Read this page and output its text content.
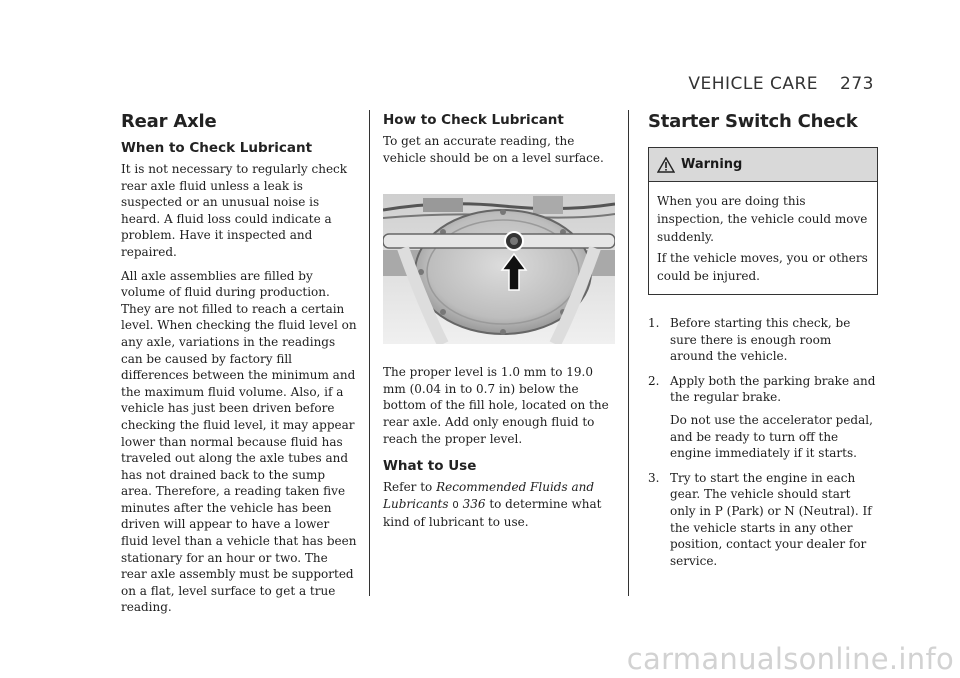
VEHICLE CARE 273
Rear Axle
When to Check Lubricant

It is not necessary to regularly check rear axle fluid unless a leak is suspected or an unusual noise is heard. A fluid loss could indicate a problem. Have it inspected and repaired.

All axle assemblies are filled by volume of fluid during production. They are not filled to reach a certain level. When checking the fluid level on any axle, variations in the readings can be caused by factory fill differences between the minimum and the maximum fluid volume. Also, if a vehicle has just been driven before checking the fluid level, it may appear lower than normal because fluid has traveled out along the axle tubes and has not drained back to the sump area. Therefore, a reading taken five minutes after the vehicle has been driven will appear to have a lower fluid level than a vehicle that has been stationary for an hour or two. The rear axle assembly must be supported on a flat, level surface to get a true reading.

How to Check Lubricant

To get an accurate reading, the vehicle should be on a level surface.

The proper level is 1.0 mm to 19.0 mm (0.04 in to 0.7 in) below the bottom of the fill hole, located on the rear axle. Add only enough fluid to reach the proper level.

What to Use

Refer to Recommended Fluids and Lubricants 0 336 to determine what kind of lubricant to use.

Starter Switch Check
Warning

When you are doing this inspection, the vehicle could move suddenly.

If the vehicle moves, you or others could be injured.

1. Before starting this check, be sure there is enough room around the vehicle.

2. Apply both the parking brake and the regular brake.

Do not use the accelerator pedal, and be ready to turn off the engine immediately if it starts.

3. Try to start the engine in each gear. The vehicle should start only in P (Park) or N (Neutral). If the vehicle starts in any other position, contact your dealer for service.

carmanualsonline.info
